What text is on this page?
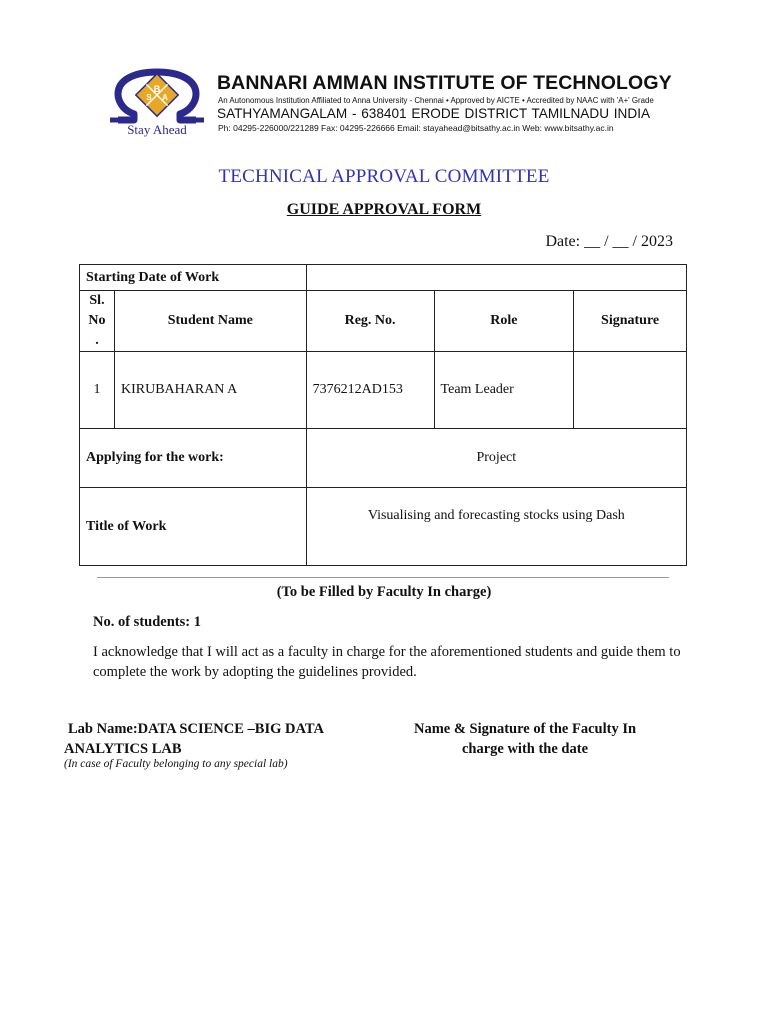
B
S A
Stay Ahead
BANNARI AMMAN INSTITUTE OF TECHNOLOGY
An Autonomous Institution Affiliated to Anna University - Chennai • Approved by AICTE • Accredited by NAAC with 'A+' Grade
SATHYAMANGALAM - 638401 ERODE DISTRICT TAMILNADU INDIA
Ph: 04295-226000/221289 Fax: 04295-226666 Email: stayahead@bitsathy.ac.in Web: www.bitsathy.ac.in
TECHNICAL APPROVAL COMMITTEE
GUIDE APPROVAL FORM
Date: __ / __ / 2023
Starting Date of Work				
Sl. No .	Student Name	Reg. No.	Role	Signature
1	KIRUBAHARAN A	7376212AD153	Team Leader	
Applying for the work:		Project		
Title of Work		Visualising and forecasting stocks using Dash		
(To be Filled by Faculty In charge)
No. of students: 1
I acknowledge that I will act as a faculty in charge for the aforementioned students and guide them to complete the work by adopting the guidelines provided.
Lab Name:DATA SCIENCE –BIG DATA ANALYTICS LAB
(In case of Faculty belonging to any special lab)
Name & Signature of the Faculty In charge with the date
